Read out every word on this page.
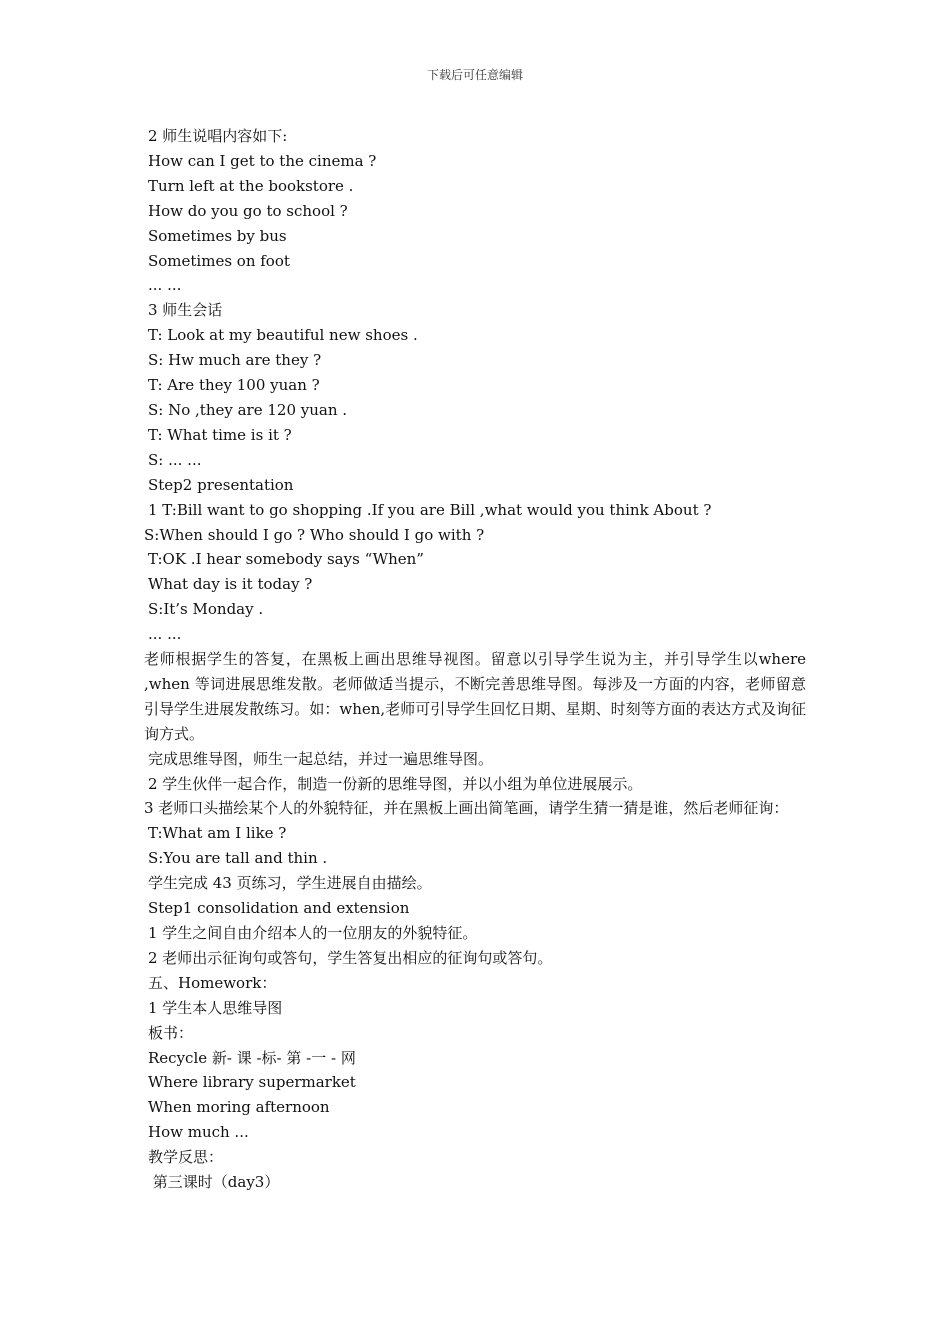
下载后可任意编辑

2 师生说唱内容如下:

How can I get to the cinema ?

Turn left at the bookstore .

How do you go to school ?

Sometimes by bus

Sometimes on foot

... ...

3 师生会话

T: Look at my beautiful new shoes .

S: Hw much are they ?

T: Are they 100 yuan ?

S: No ,they are 120 yuan .

T: What time is it ?

S: ... ...

Step2 presentation

1 T:Bill want to go shopping .If you are Bill ,what would you think About ?

S:When should I go ? Who should I go with ?

T:OK .I hear somebody says “When”

What day is it today ?

S:It’s Monday .

... ...

老师根据学生的答复，在黑板上画出思维导视图。留意以引导学生说为主，并引导学生以where ,when 等词进展思维发散。老师做适当提示，不断完善思维导图。每涉及一方面的内容，老师留意引导学生进展发散练习。如：when,老师可引导学生回忆日期、星期、时刻等方面的表达方式及询征询方式。

完成思维导图，师生一起总结，并过一遍思维导图。

2 学生伙伴一起合作，制造一份新的思维导图，并以小组为单位进展展示。

3 老师口头描绘某个人的外貌特征，并在黑板上画出简笔画，请学生猜一猜是谁，然后老师征询：

T:What am I like ?

S:You are tall and thin .

学生完成 43 页练习，学生进展自由描绘。

Step1 consolidation and extension

1 学生之间自由介绍本人的一位朋友的外貌特征。

2 老师出示征询句或答句，学生答复出相应的征询句或答句。

五、Homework：

1 学生本人思维导图

板书：

Recycle 新- 课 -标- 第 -一 - 网

Where library supermarket

When moring afternoon

How much ...

教学反思：

第三课时（day3）
